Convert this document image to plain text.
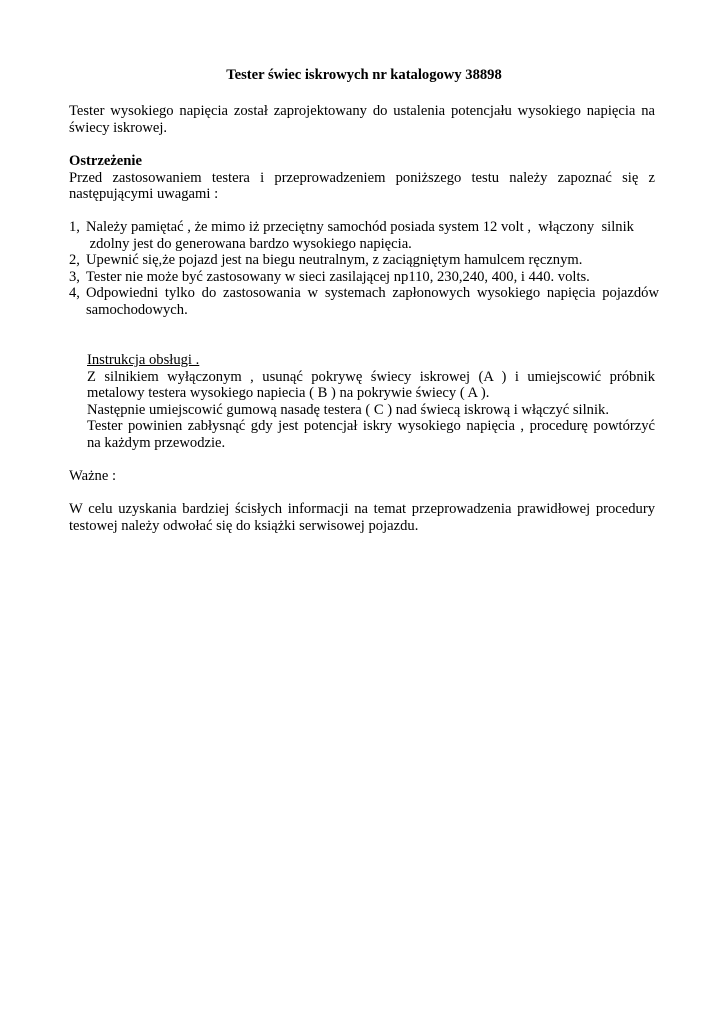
Tester świec iskrowych nr katalogowy 38898
Tester wysokiego napięcia został zaprojektowany do ustalenia potencjału wysokiego napięcia na
świecy iskrowej.
Ostrzeżenie
Przed zastosowaniem testera i przeprowadzeniem poniższego testu należy zapoznać się z
następującymi uwagami :
1, Należy pamiętać , że mimo iż przeciętny samochód posiada system 12 volt ,  włączony  silnik
zdolny jest do generowana bardzo wysokiego napięcia.
2, Upewnić się,że pojazd jest na biegu neutralnym, z zaciągniętym hamulcem ręcznym.
3, Tester nie może być zastosowany w sieci zasilającej np110, 230,240, 400, i 440. volts.
4, Odpowiedni tylko do zastosowania w systemach zapłonowych wysokiego napięcia pojazdów
samochodowych.
Instrukcja obsługi .
Z silnikiem wyłączonym , usunąć pokrywę świecy iskrowej (A ) i umiejscowić próbnik
metalowy testera wysokiego napiecia ( B ) na pokrywie świecy ( A ).
Następnie umiejscowić gumową nasadę testera ( C ) nad świecą iskrową i włączyć silnik.
Tester powinien zabłysnąć gdy jest potencjał iskry wysokiego napięcia , procedurę powtórzyć
na każdym przewodzie.
Ważne :
W celu uzyskania bardziej ścisłych informacji na temat przeprowadzenia prawidłowej procedury
testowej należy odwołać się do książki serwisowej pojazdu.
